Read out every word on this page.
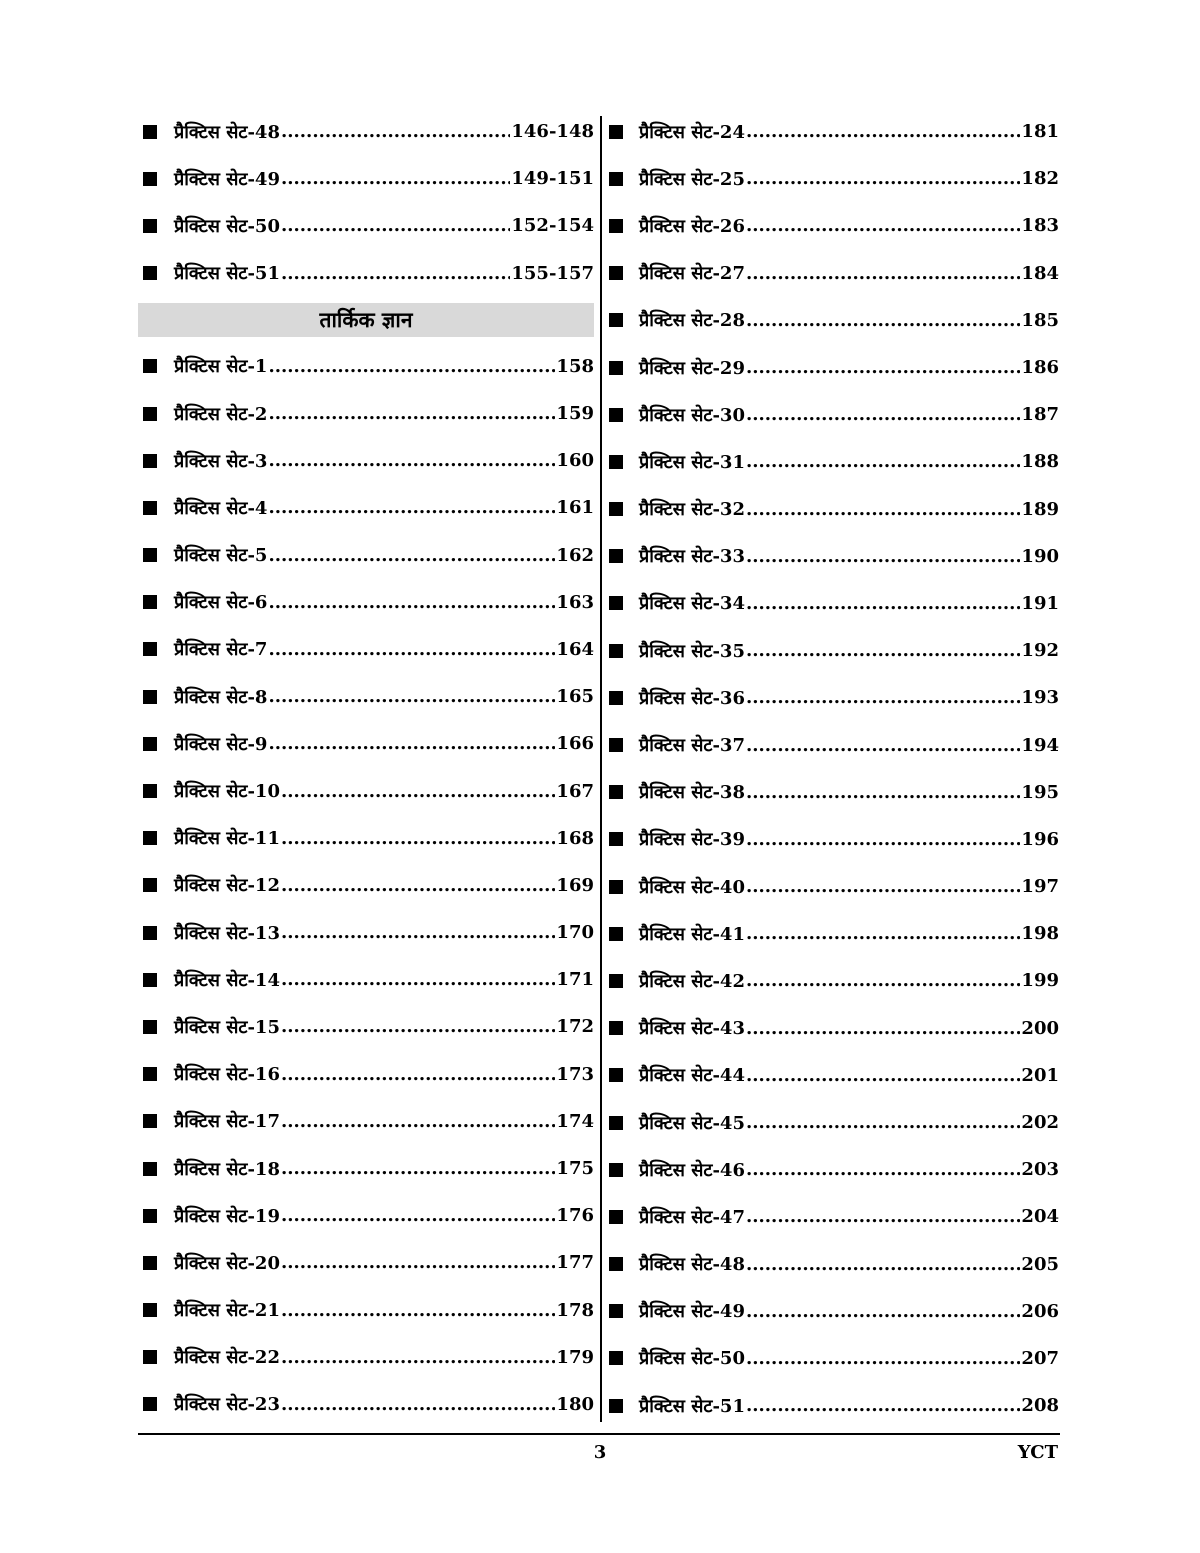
प्रैक्टिस सेट-48 .....	146-148
प्रैक्टिस सेट-49 .....	149-151
प्रैक्टिस सेट-50 .....	152-154
प्रैक्टिस सेट-51 .....	155-157
तार्किक ज्ञान
प्रैक्टिस सेट-1 .....	158
प्रैक्टिस सेट-2 .....	159
प्रैक्टिस सेट-3 .....	160
प्रैक्टिस सेट-4 .....	161
प्रैक्टिस सेट-5 .....	162
प्रैक्टिस सेट-6 .....	163
प्रैक्टिस सेट-7 .....	164
प्रैक्टिस सेट-8 .....	165
प्रैक्टिस सेट-9 .....	166
प्रैक्टिस सेट-10 .....	167
प्रैक्टिस सेट-11 .....	168
प्रैक्टिस सेट-12 .....	169
प्रैक्टिस सेट-13 .....	170
प्रैक्टिस सेट-14 .....	171
प्रैक्टिस सेट-15 .....	172
प्रैक्टिस सेट-16 .....	173
प्रैक्टिस सेट-17 .....	174
प्रैक्टिस सेट-18 .....	175
प्रैक्टिस सेट-19 .....	176
प्रैक्टिस सेट-20 .....	177
प्रैक्टिस सेट-21 .....	178
प्रैक्टिस सेट-22 .....	179
प्रैक्टिस सेट-23 .....	180
प्रैक्टिस सेट-24 .....	181
प्रैक्टिस सेट-25 .....	182
प्रैक्टिस सेट-26 .....	183
प्रैक्टिस सेट-27 .....	184
प्रैक्टिस सेट-28 .....	185
प्रैक्टिस सेट-29 .....	186
प्रैक्टिस सेट-30 .....	187
प्रैक्टिस सेट-31 .....	188
प्रैक्टिस सेट-32 .....	189
प्रैक्टिस सेट-33 .....	190
प्रैक्टिस सेट-34 .....	191
प्रैक्टिस सेट-35 .....	192
प्रैक्टिस सेट-36 .....	193
प्रैक्टिस सेट-37 .....	194
प्रैक्टिस सेट-38 .....	195
प्रैक्टिस सेट-39 .....	196
प्रैक्टिस सेट-40 .....	197
प्रैक्टिस सेट-41 .....	198
प्रैक्टिस सेट-42 .....	199
प्रैक्टिस सेट-43 .....	200
प्रैक्टिस सेट-44 .....	201
प्रैक्टिस सेट-45 .....	202
प्रैक्टिस सेट-46 .....	203
प्रैक्टिस सेट-47 .....	204
प्रैक्टिस सेट-48 .....	205
प्रैक्टिस सेट-49 .....	206
प्रैक्टिस सेट-50 .....	207
प्रैक्टिस सेट-51 .....	208
3	YCT
